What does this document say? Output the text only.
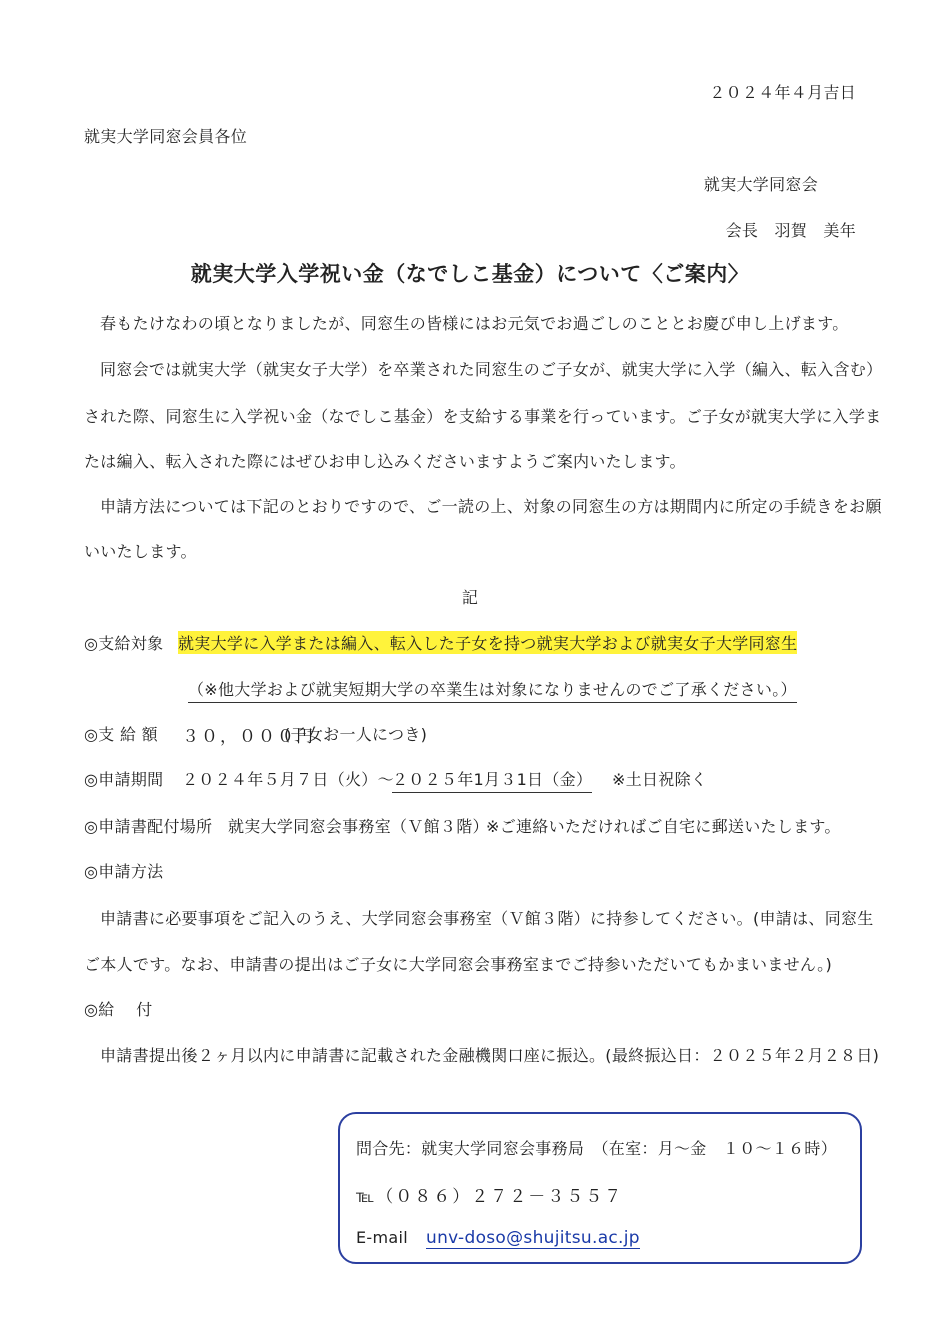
２０２４年４月吉日
就実大学同窓会員各位
就実大学同窓会
会長　羽賀　美年
就実大学入学祝い金（なでしこ基金）について〈ご案内〉
春もたけなわの頃となりましたが、同窓生の皆様にはお元気でお過ごしのこととお慶び申し上げます。
同窓会では就実大学（就実女子大学）を卒業された同窓生のご子女が、就実大学に入学（編入、転入含む）
された際、同窓生に入学祝い金（なでしこ基金）を支給する事業を行っています。ご子女が就実大学に入学ま
たは編入、転入された際にはぜひお申し込みくださいますようご案内いたします。
申請方法については下記のとおりですので、ご一読の上、対象の同窓生の方は期間内に所定の手続きをお願
いいたします。
記
◎支給対象 就実大学に入学または編入、転入した子女を持つ就実大学および就実女子大学同窓生
（※他大学および就実短期大学の卒業生は対象になりませんのでご了承ください。）
◎支 給 額 ３０，０００円
(子女お一人につき)
◎申請期間 ２０２４年５月７日（火）～
２０２５年1月３1日（金） ※土日祝除く
◎申請書配付場所 就実大学同窓会事務室（Ｖ館３階）
※ご連絡いただければご自宅に郵送いたします。
◎申請方法
申請書に必要事項をご記入のうえ、大学同窓会事務室（Ｖ館３階）に持参してください。(申請は、同窓生
ご本人です。なお、申請書の提出はご子女に大学同窓会事務室までご持参いただいてもかまいません。)
◎給　 付
申請書提出後２ヶ月以内に申請書に記載された金融機関口座に振込。(最終振込日：２０２５年２月２８日)
問合先：就実大学同窓会事務局　（在室：月～金　１０～１６時）
℡（０８６）２７２－３５５７
E-mail unv-doso@shujitsu.ac.jp
